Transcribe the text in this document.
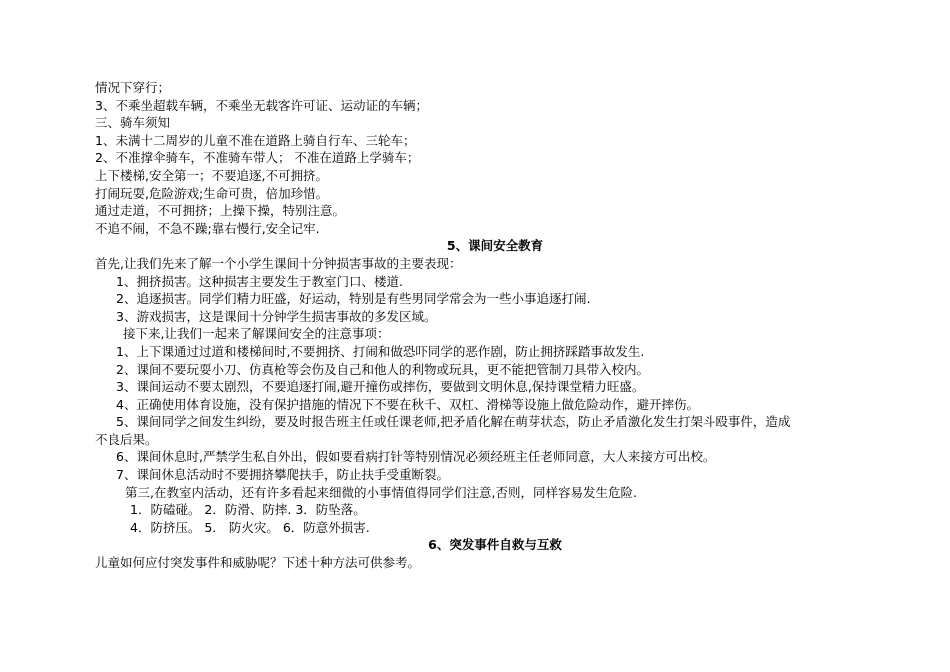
情况下穿行；
3、不乘坐超载车辆，不乘坐无载客许可证、运动证的车辆；
三、骑车须知
1、未满十二周岁的儿童不准在道路上骑自行车、三轮车；
2、不准撑伞骑车，不准骑车带人； 不准在道路上学骑车；
上下楼梯,安全第一；不要追逐,不可拥挤。
打闹玩耍,危险游戏;生命可贵，倍加珍惜。
通过走道，不可拥挤；上操下操，特别注意。
不追不闹，不急不躁;靠右慢行,安全记牢.
5、课间安全教育
首先,让我们先来了解一个小学生课间十分钟损害事故的主要表现：
1、拥挤损害。这种损害主要发生于教室门口、楼道.
2、追逐损害。同学们精力旺盛，好运动，特别是有些男同学常会为一些小事追逐打闹.
3、游戏损害，这是课间十分钟学生损害事故的多发区域。
接下来,让我们一起来了解课间安全的注意事项：
1、上下课通过过道和楼梯间时,不要拥挤、打闹和做恐吓同学的恶作剧，防止拥挤踩踏事故发生.
2、课间不要玩耍小刀、仿真枪等会伤及自己和他人的利物或玩具，更不能把管制刀具带入校内。
3、课间运动不要太剧烈，不要追逐打闹,避开撞伤或摔伤，要做到文明休息,保持课堂精力旺盛。
4、正确使用体育设施，没有保护措施的情况下不要在秋千、双杠、滑梯等设施上做危险动作，避开摔伤。
5、课间同学之间发生纠纷，要及时报告班主任或任课老师,把矛盾化解在萌芽状态，防止矛盾激化发生打架斗殴事件，造成
不良后果。
6、课间休息时,严禁学生私自外出，假如要看病打针等特别情况必须经班主任老师同意，大人来接方可出校。
7、课间休息活动时不要拥挤攀爬扶手，防止扶手受重断裂。
第三,在教室内活动，还有许多看起来细微的小事情值得同学们注意,否则，同样容易发生危险.
1．防磕碰。 2．防滑、防摔. 3．防坠落。
4．防挤压。 5． 防火灾。 6．防意外损害.
6、突发事件自救与互救
儿童如何应付突发事件和威胁呢？下述十种方法可供参考。
